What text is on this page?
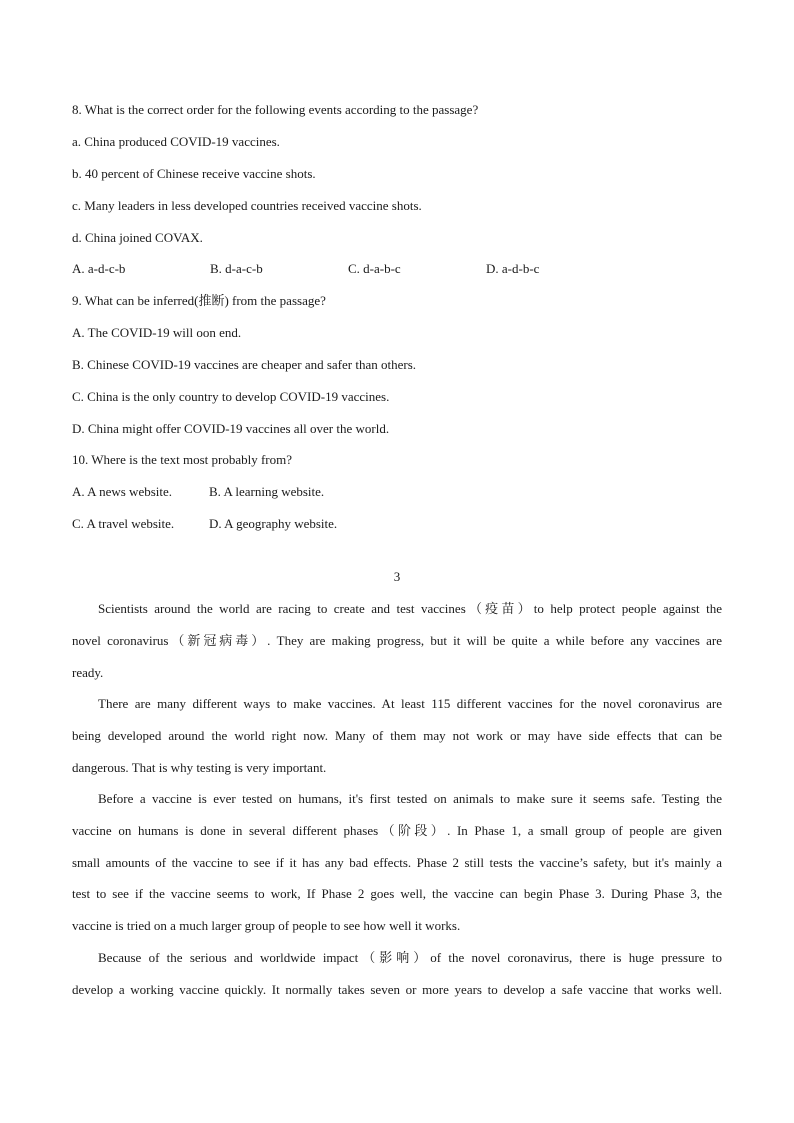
8. What is the correct order for the following events according to the passage?
a. China produced COVID-19 vaccines.
b. 40 percent of Chinese receive vaccine shots.
c. Many leaders in less developed countries received vaccine shots.
d. China joined COVAX.
A. a-d-c-b	B. d-a-c-b	C. d-a-b-c	D. a-d-b-c
9. What can be inferred(推断) from the passage?
A. The COVID-19 will oon end.
B. Chinese COVID-19 vaccines are cheaper and safer than others.
C. China is the only country to develop COVID-19 vaccines.
D. China might offer COVID-19 vaccines all over the world.
10. Where is the text most probably from?
A. A news website.	B. A learning website.
C. A travel website.	D. A geography website.
3
Scientists around the world are racing to create and test vaccines（疫苗）to help protect people against the
novel coronavirus（新冠病毒）. They are making progress, but it will be quite a while before any vaccines are
ready.
There are many different ways to make vaccines. At least 115 different vaccines for the novel coronavirus are
being developed around the world right now. Many of them may not work or may have side effects that can be
dangerous. That is why testing is very important.
Before a vaccine is ever tested on humans, it's first tested on animals to make sure it seems safe. Testing the
vaccine on humans is done in several different phases（阶段）. In Phase 1, a small group of people are given
small amounts of the vaccine to see if it has any bad effects. Phase 2 still tests the vaccine’s safety, but it's mainly a
test to see if the vaccine seems to work, If Phase 2 goes well, the vaccine can begin Phase 3. During Phase 3, the
vaccine is tried on a much larger group of people to see how well it works.
Because of the serious and worldwide impact（影响）of the novel coronavirus, there is huge pressure to
develop a working vaccine quickly. It normally takes seven or more years to develop a safe vaccine that works well.
